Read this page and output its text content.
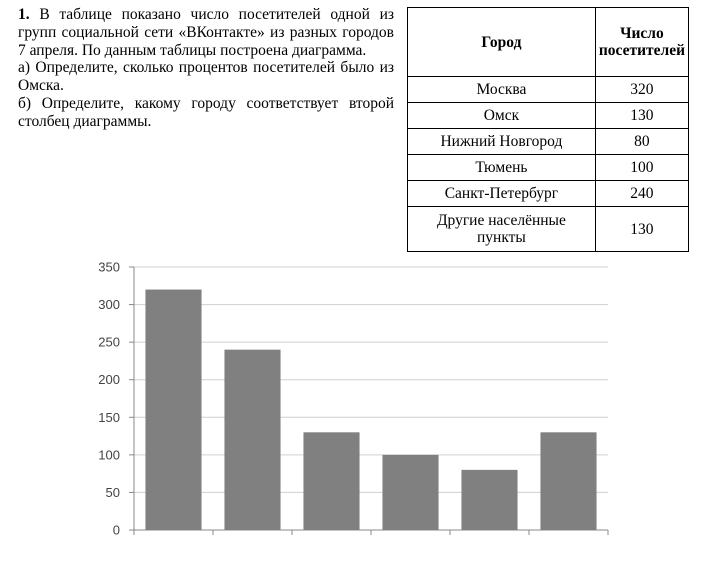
1. В таблице показано число посетителей одной из групп социальной сети «ВКонтакте» из разных городов 7 апреля. По данным таблицы построена диаграмма.

а) Определите, сколько процентов посетителей было из Омска.

б) Определите, какому городу соответствует второй столбец диаграммы.

Город	Число посетителей
Москва	320
Омск	130
Нижний Новгород	80
Тюмень	100
Санкт-Петербург	240
Другие населённые пункты	130
0
50
100
150
200
250
300
350
